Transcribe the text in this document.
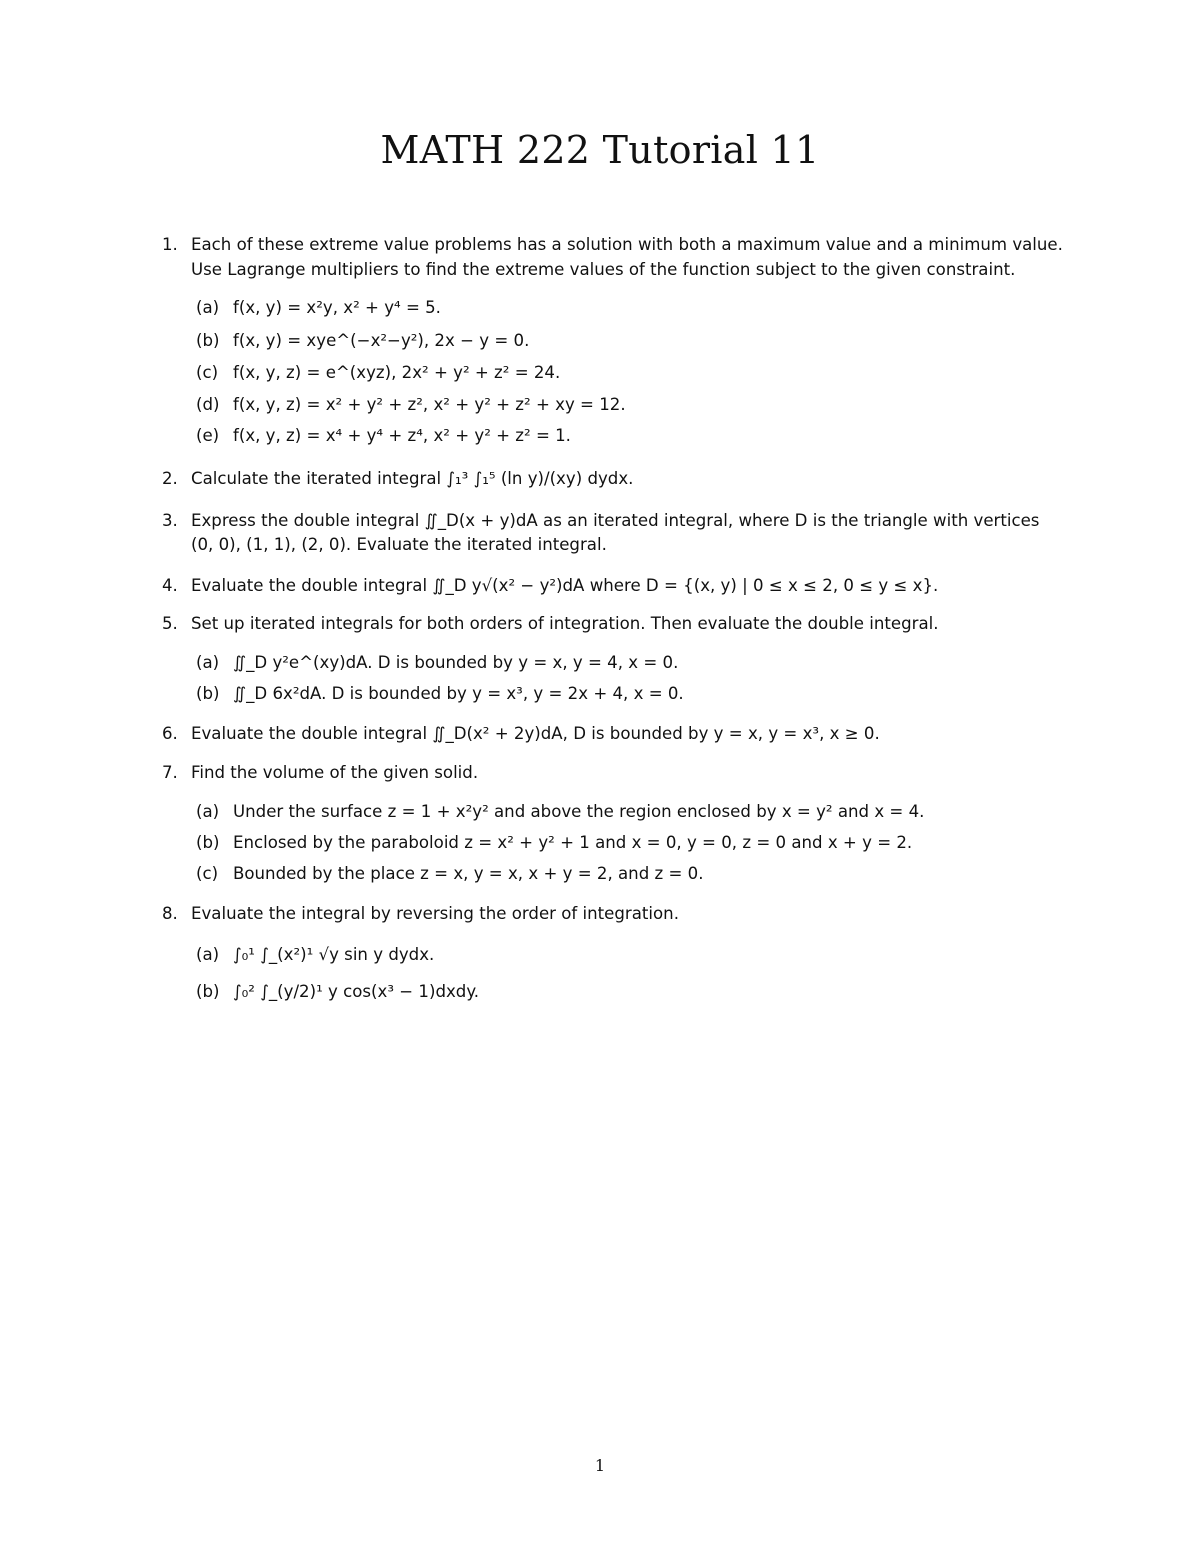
MATH 222 Tutorial 11
1. Each of these extreme value problems has a solution with both a maximum value and a minimum value.
Use Lagrange multipliers to find the extreme values of the function subject to the given constraint.
(a) f(x, y) = x²y, x² + y⁴ = 5.
(b) f(x, y) = xye^(−x²−y²), 2x − y = 0.
(c) f(x, y, z) = e^(xyz), 2x² + y² + z² = 24.
(d) f(x, y, z) = x² + y² + z², x² + y² + z² + xy = 12.
(e) f(x, y, z) = x⁴ + y⁴ + z⁴, x² + y² + z² = 1.
2. Calculate the iterated integral ∫₁³ ∫₁⁵ (ln y)/(xy) dydx.
3. Express the double integral ∬_D(x + y)dA as an iterated integral, where D is the triangle with vertices
(0, 0), (1, 1), (2, 0). Evaluate the iterated integral.
4. Evaluate the double integral ∬_D y√(x² − y²)dA where D = {(x, y) | 0 ≤ x ≤ 2, 0 ≤ y ≤ x}.
5. Set up iterated integrals for both orders of integration. Then evaluate the double integral.
(a) ∬_D y²e^(xy)dA. D is bounded by y = x, y = 4, x = 0.
(b) ∬_D 6x²dA. D is bounded by y = x³, y = 2x + 4, x = 0.
6. Evaluate the double integral ∬_D(x² + 2y)dA, D is bounded by y = x, y = x³, x ≥ 0.
7. Find the volume of the given solid.
(a) Under the surface z = 1 + x²y² and above the region enclosed by x = y² and x = 4.
(b) Enclosed by the paraboloid z = x² + y² + 1 and x = 0, y = 0, z = 0 and x + y = 2.
(c) Bounded by the place z = x, y = x, x + y = 2, and z = 0.
8. Evaluate the integral by reversing the order of integration.
(a) ∫₀¹ ∫_(x²)¹ √y sin y dydx.
(b) ∫₀² ∫_(y/2)¹ y cos(x³ − 1)dxdy.
1
